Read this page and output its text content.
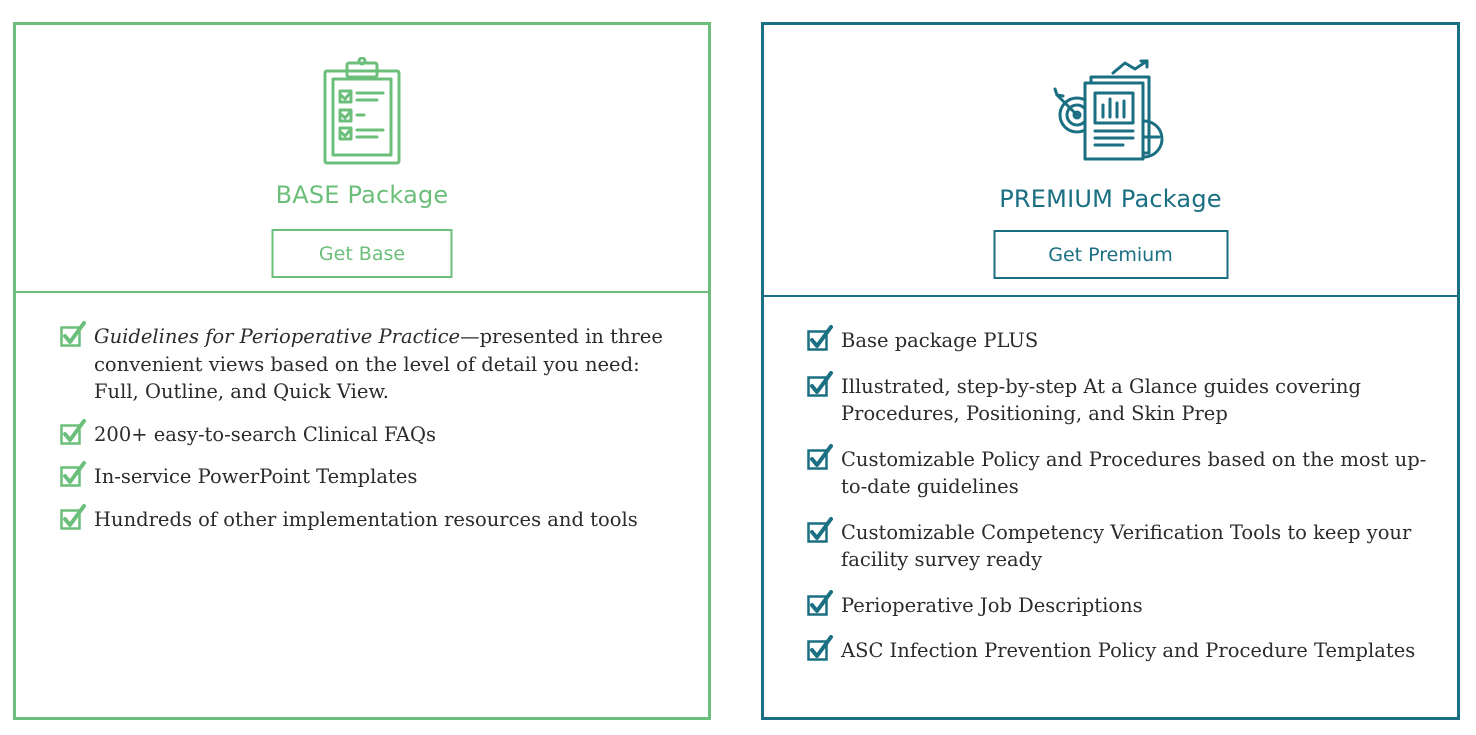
BASE Package
Get Base
Guidelines for Perioperative Practice—presented in three convenient views based on the level of detail you need: Full, Outline, and Quick View.
200+ easy-to-search Clinical FAQs
In-service PowerPoint Templates
Hundreds of other implementation resources and tools
PREMIUM Package
Get Premium
Base package PLUS
Illustrated, step-by-step At a Glance guides covering Procedures, Positioning, and Skin Prep
Customizable Policy and Procedures based on the most up-to-date guidelines
Customizable Competency Verification Tools to keep your facility survey ready
Perioperative Job Descriptions
ASC Infection Prevention Policy and Procedure Templates
